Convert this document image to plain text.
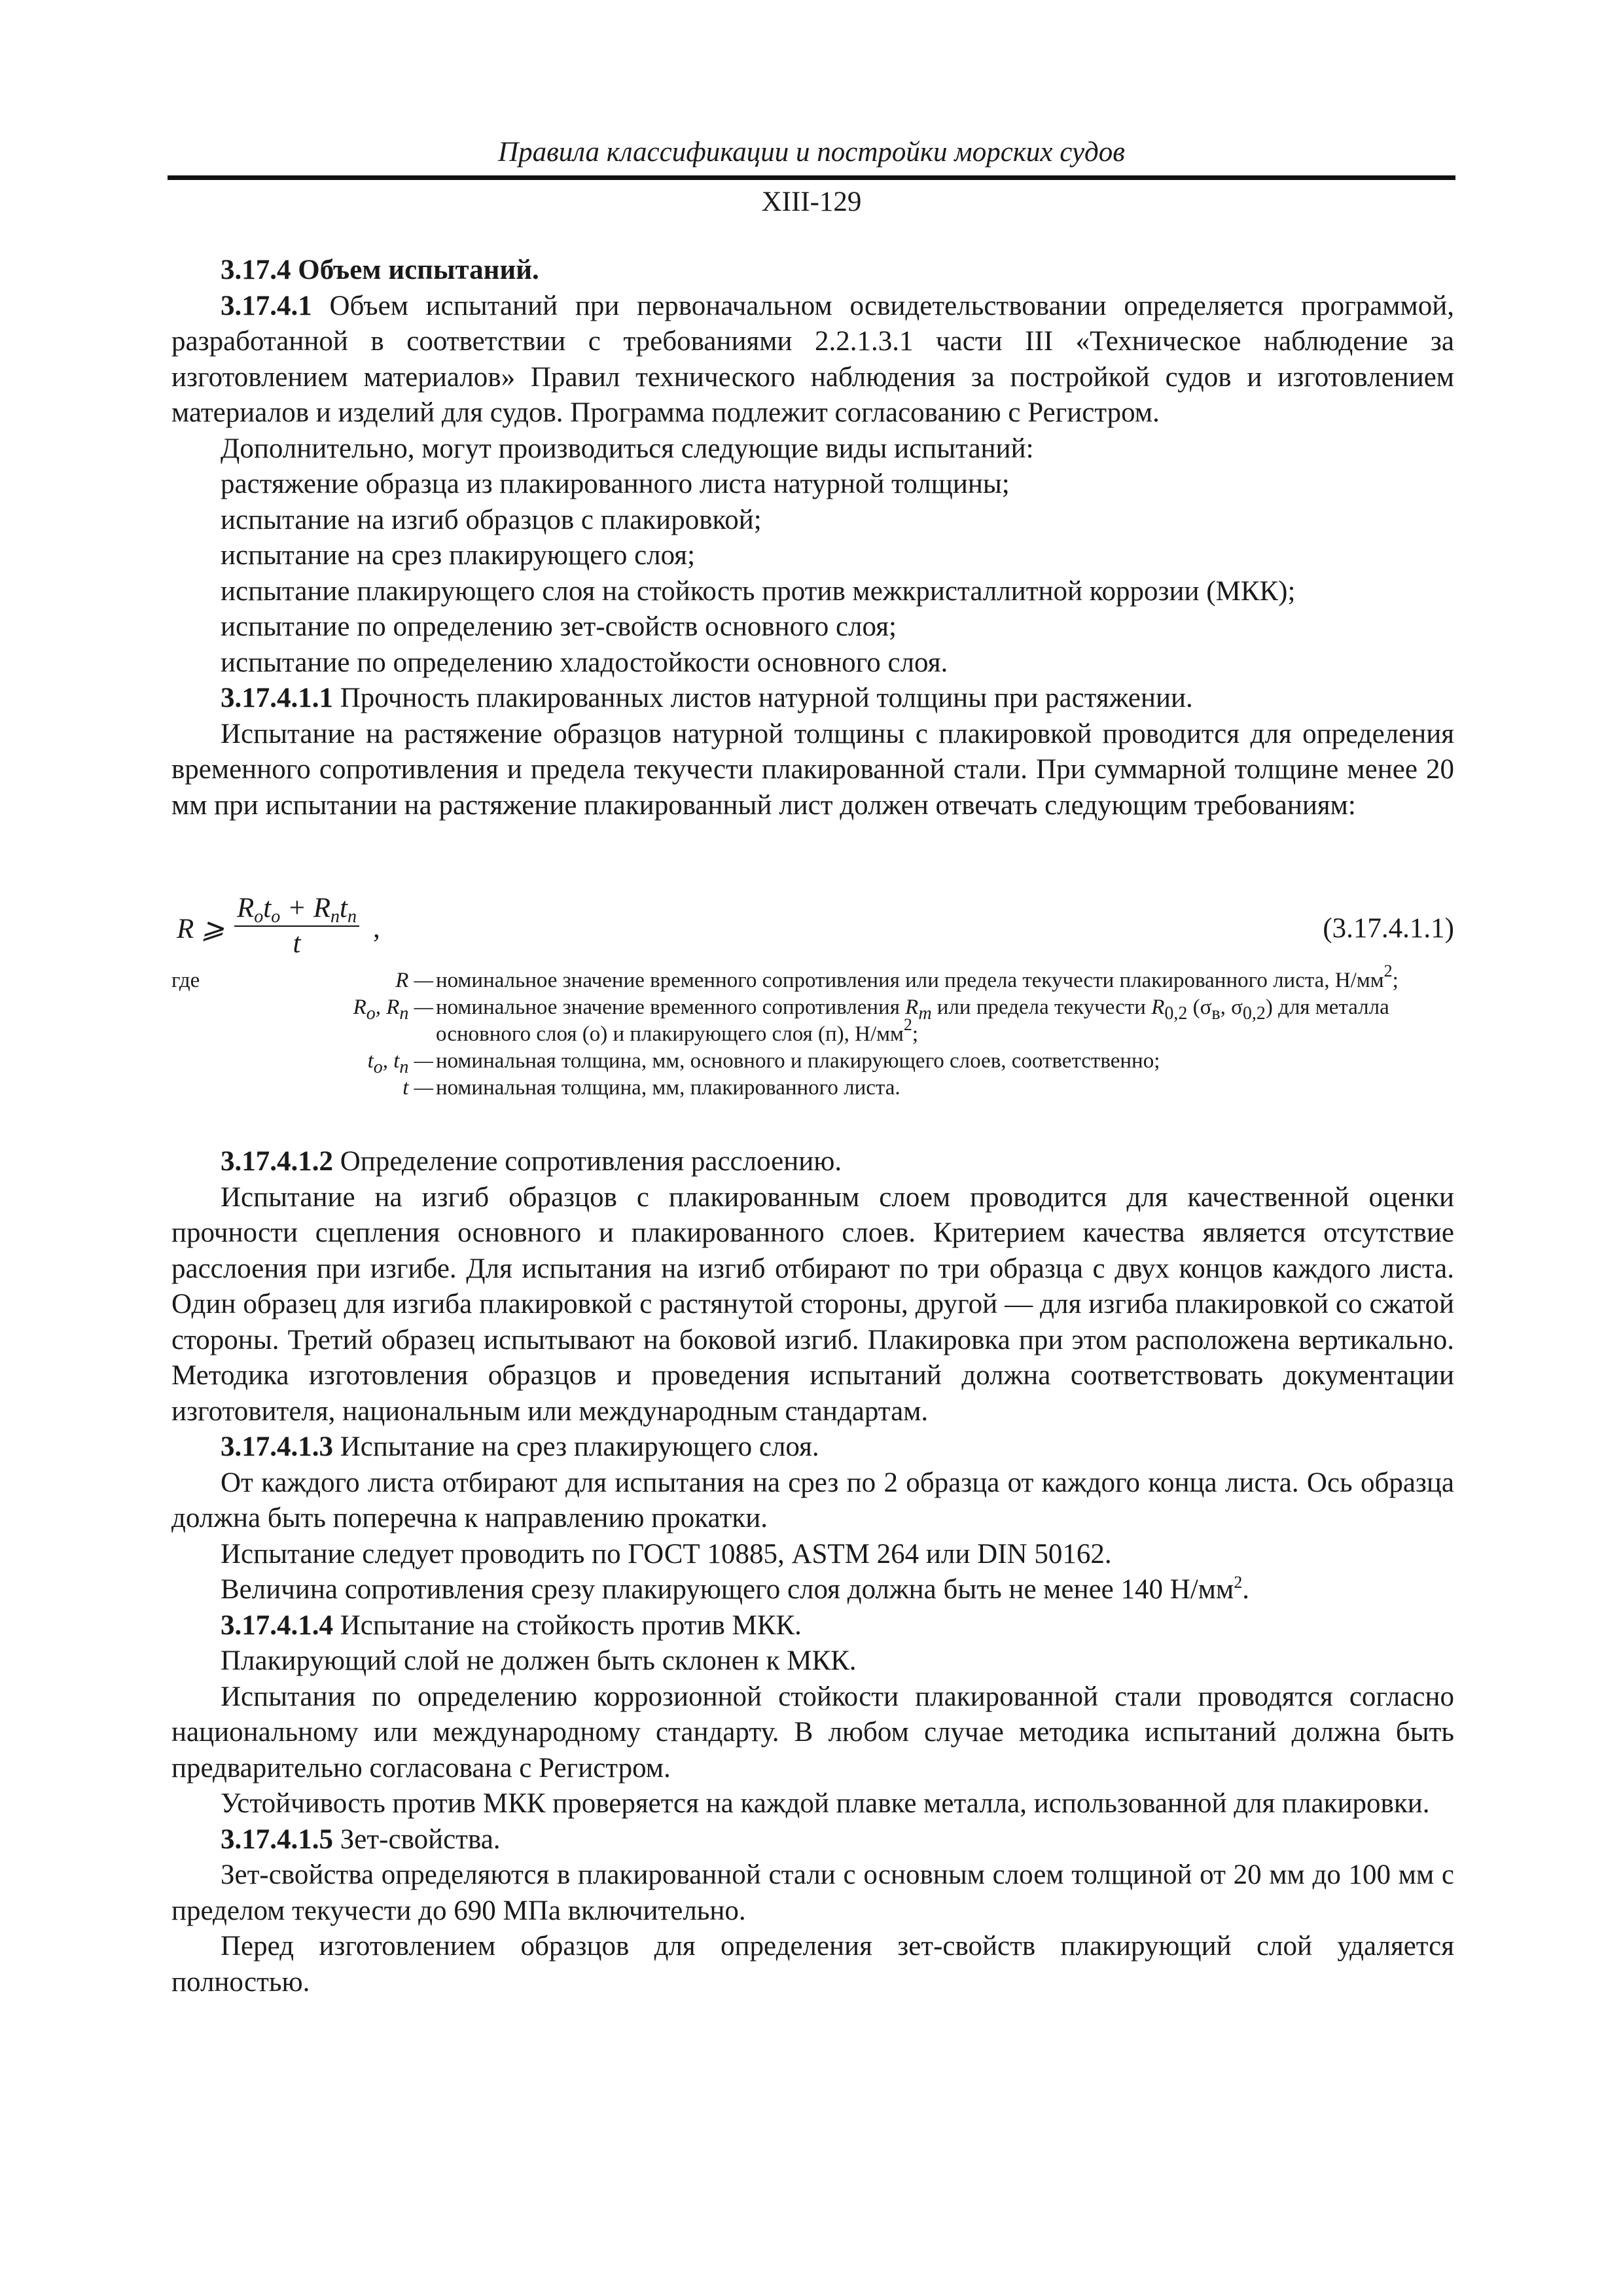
Правила классификации и постройки морских судов
XIII-129

3.17.4 Объем испытаний.

3.17.4.1 Объем испытаний при первоначальном освидетельствовании определяется программой, разработанной в соответствии с требованиями 2.2.1.3.1 части III «Техническое наблюдение за изготовлением материалов» Правил технического наблюдения за постройкой судов и изготовлением материалов и изделий для судов. Программа подлежит согласованию с Регистром.

Дополнительно, могут производиться следующие виды испытаний:

растяжение образца из плакированного листа натурной толщины;

испытание на изгиб образцов с плакировкой;

испытание на срез плакирующего слоя;

испытание плакирующего слоя на стойкость против межкристаллитной коррозии (МКК);

испытание по определению зет-свойств основного слоя;

испытание по определению хладостойкости основного слоя.

3.17.4.1.1 Прочность плакированных листов натурной толщины при растяжении.

Испытание на растяжение образцов натурной толщины с плакировкой проводится для определения временного сопротивления и предела текучести плакированной стали. При суммарной толщине менее 20 мм при испытании на растяжение плакированный лист должен отвечать следующим требованиям:

R ⩾
$R_ot_o + R_nt_n$
t	,	(3.17.4.1.1)
где	R — номинальное значение временного сопротивления или предела текучести плакированного листа, $Н/мм^2$;
$R_o$, $R_n$ — номинальное значение временного сопротивления $R_m$ или предела текучести $R_{0,2}$ ($\sigma_в$, $\sigma_{0,2}$) для металла
основного слоя (о) и плакирующего слоя (п), $Н/мм^2$;
$t_o$, $t_n$ — номинальная толщина, мм, основного и плакирующего слоев, соответственно;
t — номинальная толщина, мм, плакированного листа.

3.17.4.1.2 Определение сопротивления расслоению.

Испытание на изгиб образцов с плакированным слоем проводится для качественной оценки прочности сцепления основного и плакированного слоев. Критерием качества является отсутствие расслоения при изгибе. Для испытания на изгиб отбирают по три образца с двух концов каждого листа. Один образец для изгиба плакировкой с растянутой стороны, другой — для изгиба плакировкой со сжатой стороны. Третий образец испытывают на боковой изгиб. Плакировка при этом расположена вертикально. Методика изготовления образцов и проведения испытаний должна соответствовать документации изготовителя, национальным или международным стандартам.

3.17.4.1.3 Испытание на срез плакирующего слоя.

От каждого листа отбирают для испытания на срез по 2 образца от каждого конца листа. Ось образца должна быть поперечна к направлению прокатки.

Испытание следует проводить по ГОСТ 10885, ASTM 264 или DIN 50162.

Величина сопротивления срезу плакирующего слоя должна быть не менее 140 $Н/мм^2$.

3.17.4.1.4 Испытание на стойкость против МКК.

Плакирующий слой не должен быть склонен к МКК.

Испытания по определению коррозионной стойкости плакированной стали проводятся согласно национальному или международному стандарту. В любом случае методика испытаний должна быть предварительно согласована с Регистром.

Устойчивость против МКК проверяется на каждой плавке металла, использованной для плакировки.

3.17.4.1.5 Зет-свойства.

Зет-свойства определяются в плакированной стали с основным слоем толщиной от 20 мм до 100 мм с пределом текучести до 690 МПа включительно.

Перед изготовлением образцов для определения зет-свойств плакирующий слой удаляется полностью.
